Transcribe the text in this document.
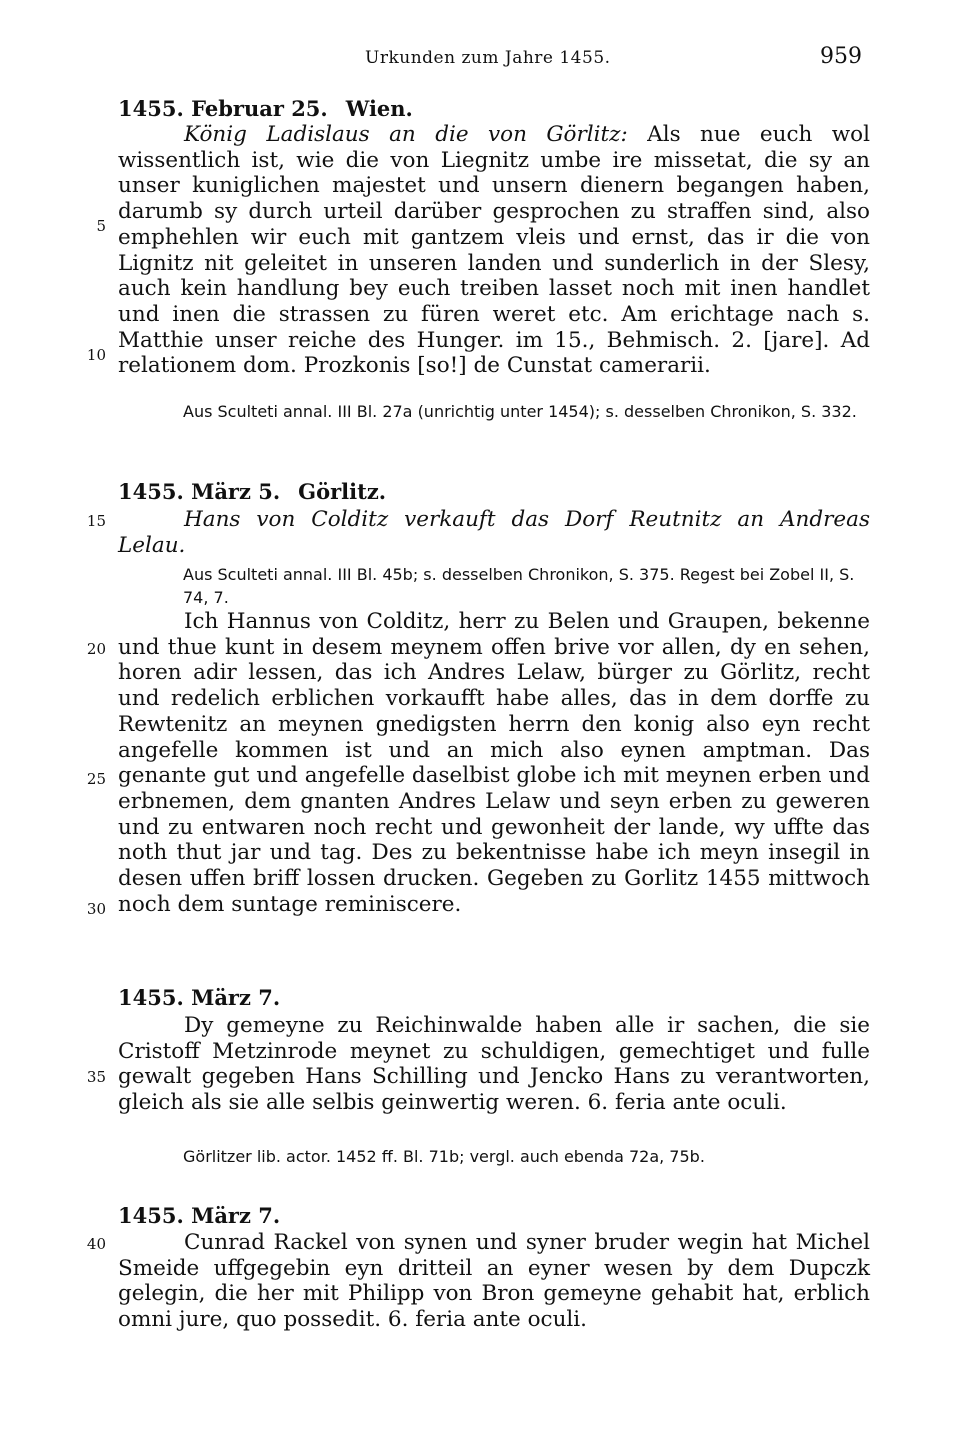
Urkunden zum Jahre 1455.	959
5
10
15
20
25
30
35
40
1455. Februar 25. Wien.
König Ladislaus an die von Görlitz: Als nue euch wol wissentlich ist, wie die von Liegnitz umbe ire missetat, die sy an unser kuniglichen majestet und unsern dienern begangen haben, darumb sy durch urteil darüber gesprochen zu straffen sind, also emphehlen wir euch mit gantzem vleis und ernst, das ir die von Lignitz nit geleitet in unseren landen und sunderlich in der Slesy, auch kein handlung bey euch treiben lasset noch mit inen handlet und inen die strassen zu füren weret etc. Am erichtage nach s. Matthie unser reiche des Hunger. im 15., Behmisch. 2. [jare]. Ad relationem dom. Prozkonis [so!] de Cunstat camerarii.
Aus Sculteti annal. III Bl. 27a (unrichtig unter 1454); s. desselben Chronikon, S. 332.
1455. März 5. Görlitz.
Hans von Colditz verkauft das Dorf Reutnitz an Andreas Lelau.
Aus Sculteti annal. III Bl. 45b; s. desselben Chronikon, S. 375. Regest bei Zobel II, S. 74, 7.
Ich Hannus von Colditz, herr zu Belen und Graupen, bekenne und thue kunt in desem meynem offen brive vor allen, dy en sehen, horen adir lessen, das ich Andres Lelaw, bürger zu Görlitz, recht und redelich erblichen vorkaufft habe alles, das in dem dorffe zu Rewtenitz an meynen gnedigsten herrn den konig also eyn recht angefelle kommen ist und an mich also eynen amptman. Das genante gut und angefelle daselbist globe ich mit meynen erben und erbnemen, dem gnanten Andres Lelaw und seyn erben zu geweren und zu entwaren noch recht und gewonheit der lande, wy uffte das noth thut jar und tag. Des zu bekentnisse habe ich meyn insegil in desen uffen briff lossen drucken. Gegeben zu Gorlitz 1455 mittwoch noch dem suntage reminiscere.
1455. März 7.
Dy gemeyne zu Reichinwalde haben alle ir sachen, die sie Cristoff Metzinrode meynet zu schuldigen, gemechtiget und fulle gewalt gegeben Hans Schilling und Jencko Hans zu verantworten, gleich als sie alle selbis geinwertig weren. 6. feria ante oculi.
Görlitzer lib. actor. 1452 ff. Bl. 71b; vergl. auch ebenda 72a, 75b.
1455. März 7.
Cunrad Rackel von synen und syner bruder wegin hat Michel Smeide uffgegebin eyn dritteil an eyner wesen by dem Dupczk gelegin, die her mit Philipp von Bron gemeyne gehabit hat, erblich omni jure, quo possedit. 6. feria ante oculi.
